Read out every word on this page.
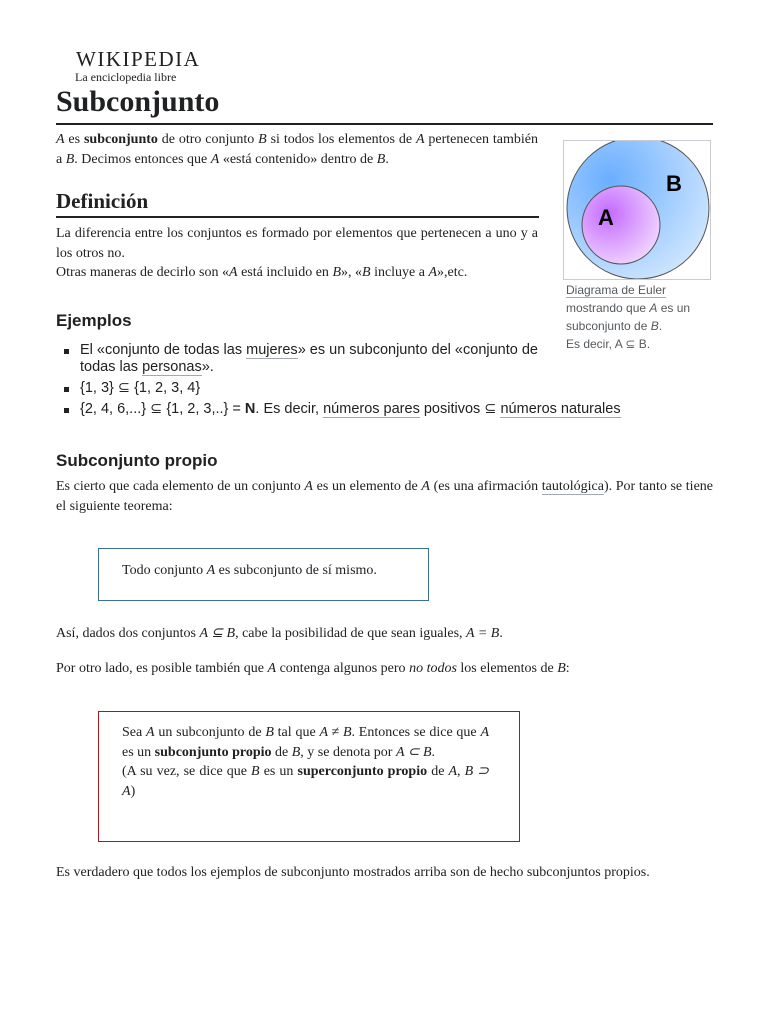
WIKIPEDIA
La enciclopedia libre
Subconjunto
A es subconjunto de otro conjunto B si todos los elementos de A pertenecen también a B. Decimos entonces que A «está contenido» dentro de B.
B
A
Diagrama de Euler mostrando que A es un subconjunto de B.
Es decir, A ⊆ B.
Definición
La diferencia entre los conjuntos es formado por elementos que pertenecen a uno y a los otros no.
Otras maneras de decirlo son «A está incluido en B», «B incluye a A»,etc.
Ejemplos
El «conjunto de todas las mujeres» es un subconjunto del «conjunto de todas las personas».
{1, 3} ⊆ {1, 2, 3, 4}
{2, 4, 6,...} ⊆ {1, 2, 3,..} = N. Es decir, números pares positivos ⊆ números naturales
Subconjunto propio
Es cierto que cada elemento de un conjunto A es un elemento de A (es una afirmación tautológica). Por tanto se tiene el siguiente teorema:
Todo conjunto A es subconjunto de sí mismo.
Así, dados dos conjuntos A ⊆ B, cabe la posibilidad de que sean iguales, A = B.
Por otro lado, es posible también que A contenga algunos pero no todos los elementos de B:
Sea A un subconjunto de B tal que A ≠ B. Entonces se dice que A es un subconjunto propio de B, y se denota por A ⊂ B.
(A su vez, se dice que B es un superconjunto propio de A, B ⊃ A)
Es verdadero que todos los ejemplos de subconjunto mostrados arriba son de hecho subconjuntos propios.
